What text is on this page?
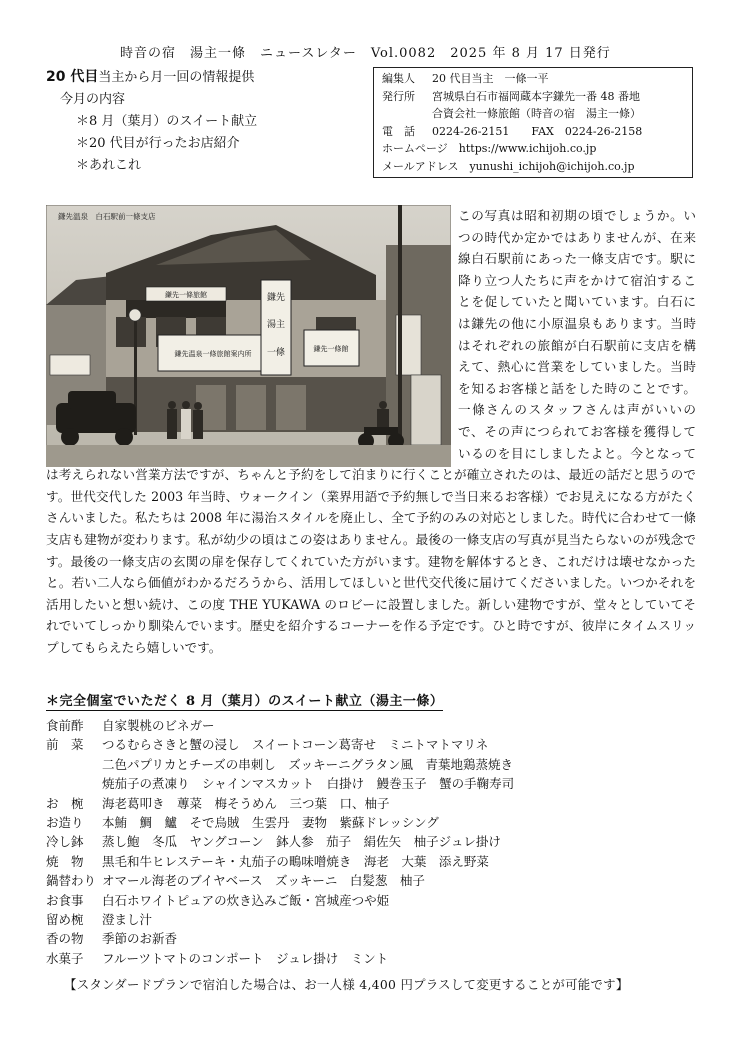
時音の宿　湯主一條　ニュースレター　Vol.0082　2025 年 8 月 17 日発行
20 代目当主から月一回の情報提供
今月の内容
＊8 月（葉月）のスイート献立
＊20 代目が行ったお店紹介
＊あれこれ
編集人 20 代目当主　一條一平
発行所 宮城県白石市福岡蔵本字鎌先一番 48 番地
合資会社一條旅館（時音の宿　湯主一條）
電　話 0224-26-2151　　FAX　0224-26-2158
ホームページ　 https://www.ichijoh.co.jp
メールアドレス　 yunushi_ichijoh@ichijoh.co.jp
鎌先温泉一條旅館案内所
鎌先
湯主
一條	鎌先一條館
鎌先一條旅館
鎌先温泉　白石駅前一條支店	この写真は昭和初期の頃でしょうか。いつの時代か定かではありませんが、在来線白石駅前にあった一條支店です。駅に降り立つ人たちに声をかけて宿泊することを促していたと聞いています。白石には鎌先の他に小原温泉もあります。当時はそれぞれの旅館が白石駅前に支店を構えて、熱心に営業をしていました。当時を知るお客様と話をした時のことです。一條さんのスタッフさんは声がいいので、その声につられてお客様を獲得しているのを目にしましたよと。今となっては考えられない営業方法ですが、ちゃんと予約をして泊まりに行くことが確立されたのは、最近の話だと思うのです。世代交代した 2003 年当時、ウォークイン（業界用語で予約無しで当日来るお客様）でお見えになる方がたくさんいました。私たちは 2008 年に湯治スタイルを廃止し、全て予約のみの対応としました。時代に合わせて一條支店も建物が変わります。私が幼少の頃はこの姿はありません。最後の一條支店の写真が見当たらないのが残念です。最後の一條支店の玄関の扉を保存してくれていた方がいます。建物を解体するとき、これだけは壊せなかったと。若い二人なら価値がわかるだろうから、活用してほしいと世代交代後に届けてくださいました。いつかそれを活用したいと想い続け、この度 THE YUKAWA のロビーに設置しました。新しい建物ですが、堂々としていてそれでいてしっかり馴染んでいます。歴史を紹介するコーナーを作る予定です。ひと時ですが、彼岸にタイムスリップしてもらえたら嬉しいです。
＊完全個室でいただく 8 月（葉月）のスイート献立（湯主一條）
食前酢 自家製桃のビネガー
前　菜 つるむらさきと蟹の浸し　スイートコーン葛寄せ　ミニトマトマリネ
二色パプリカとチーズの串刺し　ズッキーニグラタン風　青葉地鶏蒸焼き
焼茄子の煮凍り　シャインマスカット　白掛け　鰻巻玉子　蟹の手鞠寿司
お　椀 海老葛叩き　蓴菜　梅そうめん　三つ葉　口、柚子
お造り 本鮪　鯛　鱸　そで烏賊　生雲丹　妻物　紫蘇ドレッシング
冷し鉢 蒸し鮑　冬瓜　ヤングコーン　鉢人参　茄子　絹佐矢　柚子ジュレ掛け
焼　物 黒毛和牛ヒレステーキ・丸茄子の鴫味噌焼き　海老　大葉　添え野菜
鍋替わり オマール海老のブイヤベース　ズッキーニ　白髪葱　柚子
お食事 白石ホワイトピュアの炊き込みご飯・宮城産つや姫
留め椀 澄まし汁
香の物 季節のお新香
水菓子 フルーツトマトのコンポート　ジュレ掛け　ミント
【スタンダードプランで宿泊した場合は、お一人様 4,400 円プラスして変更することが可能です】
